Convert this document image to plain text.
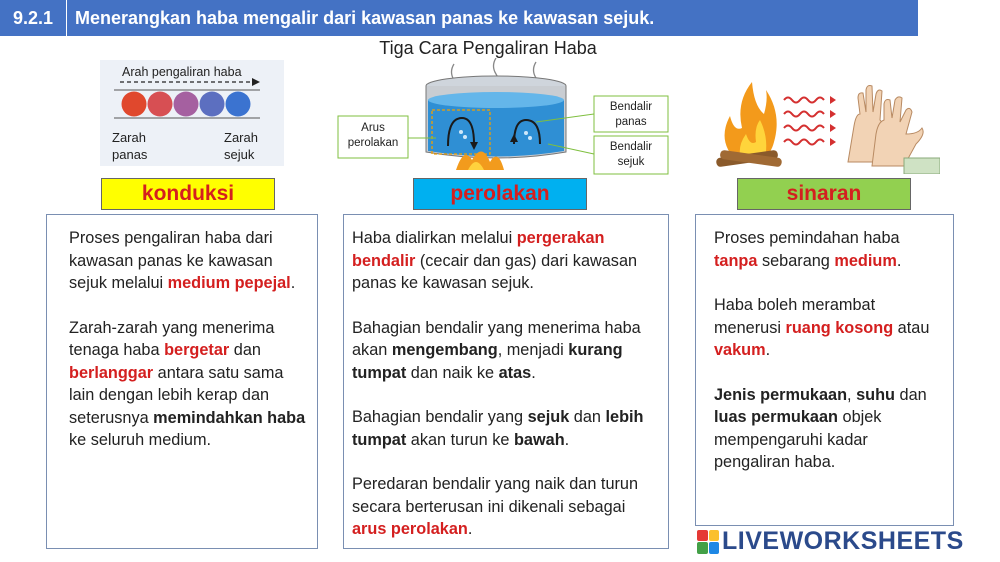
9.2.1	Menerangkan haba mengalir dari kawasan panas ke kawasan sejuk.
Tiga Cara Pengaliran Haba
Arah pengaliran haba
Zarah panas
Zarah sejuk
Arus perolakan
Bendalir panas
Bendalir sejuk
konduksi	perolakan	sinaran

Proses pengaliran haba dari kawasan panas ke kawasan sejuk melalui medium pepejal.

Zarah-zarah yang menerima tenaga haba bergetar dan berlanggar antara satu sama lain dengan lebih kerap dan seterusnya memindahkan haba ke seluruh medium.

Haba dialirkan melalui pergerakan bendalir (cecair dan gas) dari kawasan panas ke kawasan sejuk.

Bahagian bendalir yang menerima haba akan mengembang, menjadi kurang tumpat dan naik ke atas.

Bahagian bendalir yang sejuk dan lebih tumpat akan turun ke bawah.

Peredaran bendalir yang naik dan turun secara berterusan ini dikenali sebagai arus perolakan.

Proses pemindahan haba tanpa sebarang medium.

Haba boleh merambat menerusi ruang kosong atau vakum.

Jenis permukaan, suhu dan luas permukaan objek mempengaruhi kadar pengaliran haba.

LIVEWORKSHEETS
